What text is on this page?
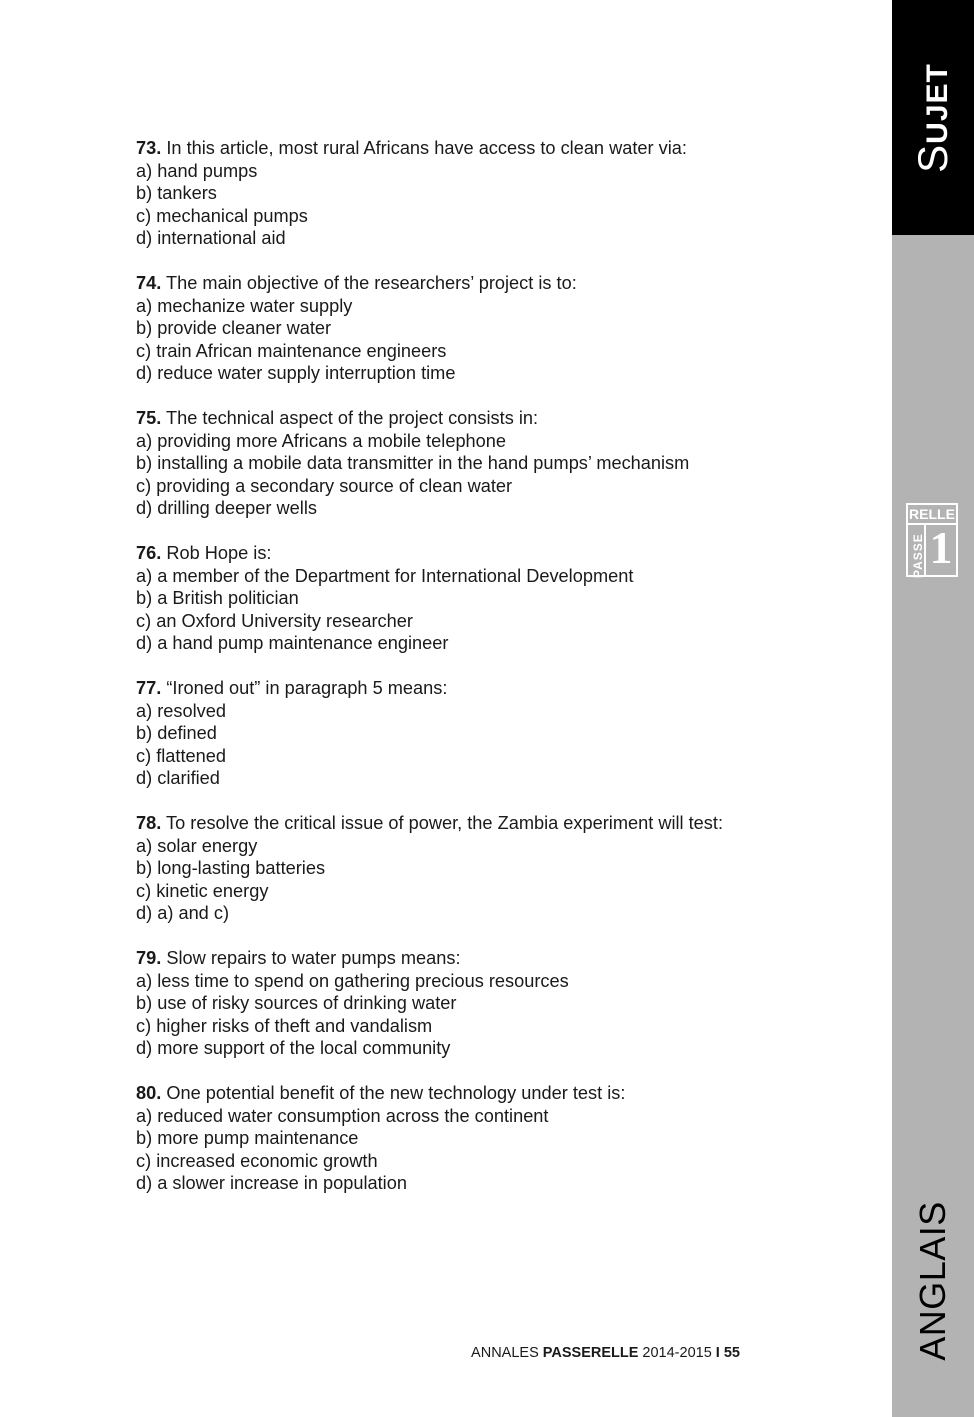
73. In this article, most rural Africans have access to clean water via:
a) hand pumps
b) tankers
c) mechanical pumps
d) international aid
74. The main objective of the researchers’ project is to:
a) mechanize water supply
b) provide cleaner water
c) train African maintenance engineers
d) reduce water supply interruption time
75. The technical aspect of the project consists in:
a) providing more Africans a mobile telephone
b) installing a mobile data transmitter in the hand pumps’ mechanism
c) providing a secondary source of clean water
d) drilling deeper wells
76. Rob Hope is:
a) a member of the Department for International Development
b) a British politician
c) an Oxford University researcher
d) a hand pump maintenance engineer
77. “Ironed out” in paragraph 5 means:
a) resolved
b) defined
c) flattened
d) clarified
78. To resolve the critical issue of power, the Zambia experiment will test:
a) solar energy
b) long-lasting batteries
c) kinetic energy
d) a) and c)
79. Slow repairs to water pumps means:
a) less time to spend on gathering precious resources
b) use of risky sources of drinking water
c) higher risks of theft and vandalism
d) more support of the local community
80. One potential benefit of the new technology under test is:
a) reduced water consumption across the continent
b) more pump maintenance
c) increased economic growth
d) a slower increase in population
ANNALES PASSERELLE 2014-2015 I 55
SUJET
RELLE
PASSE 1
ANGLAIS
